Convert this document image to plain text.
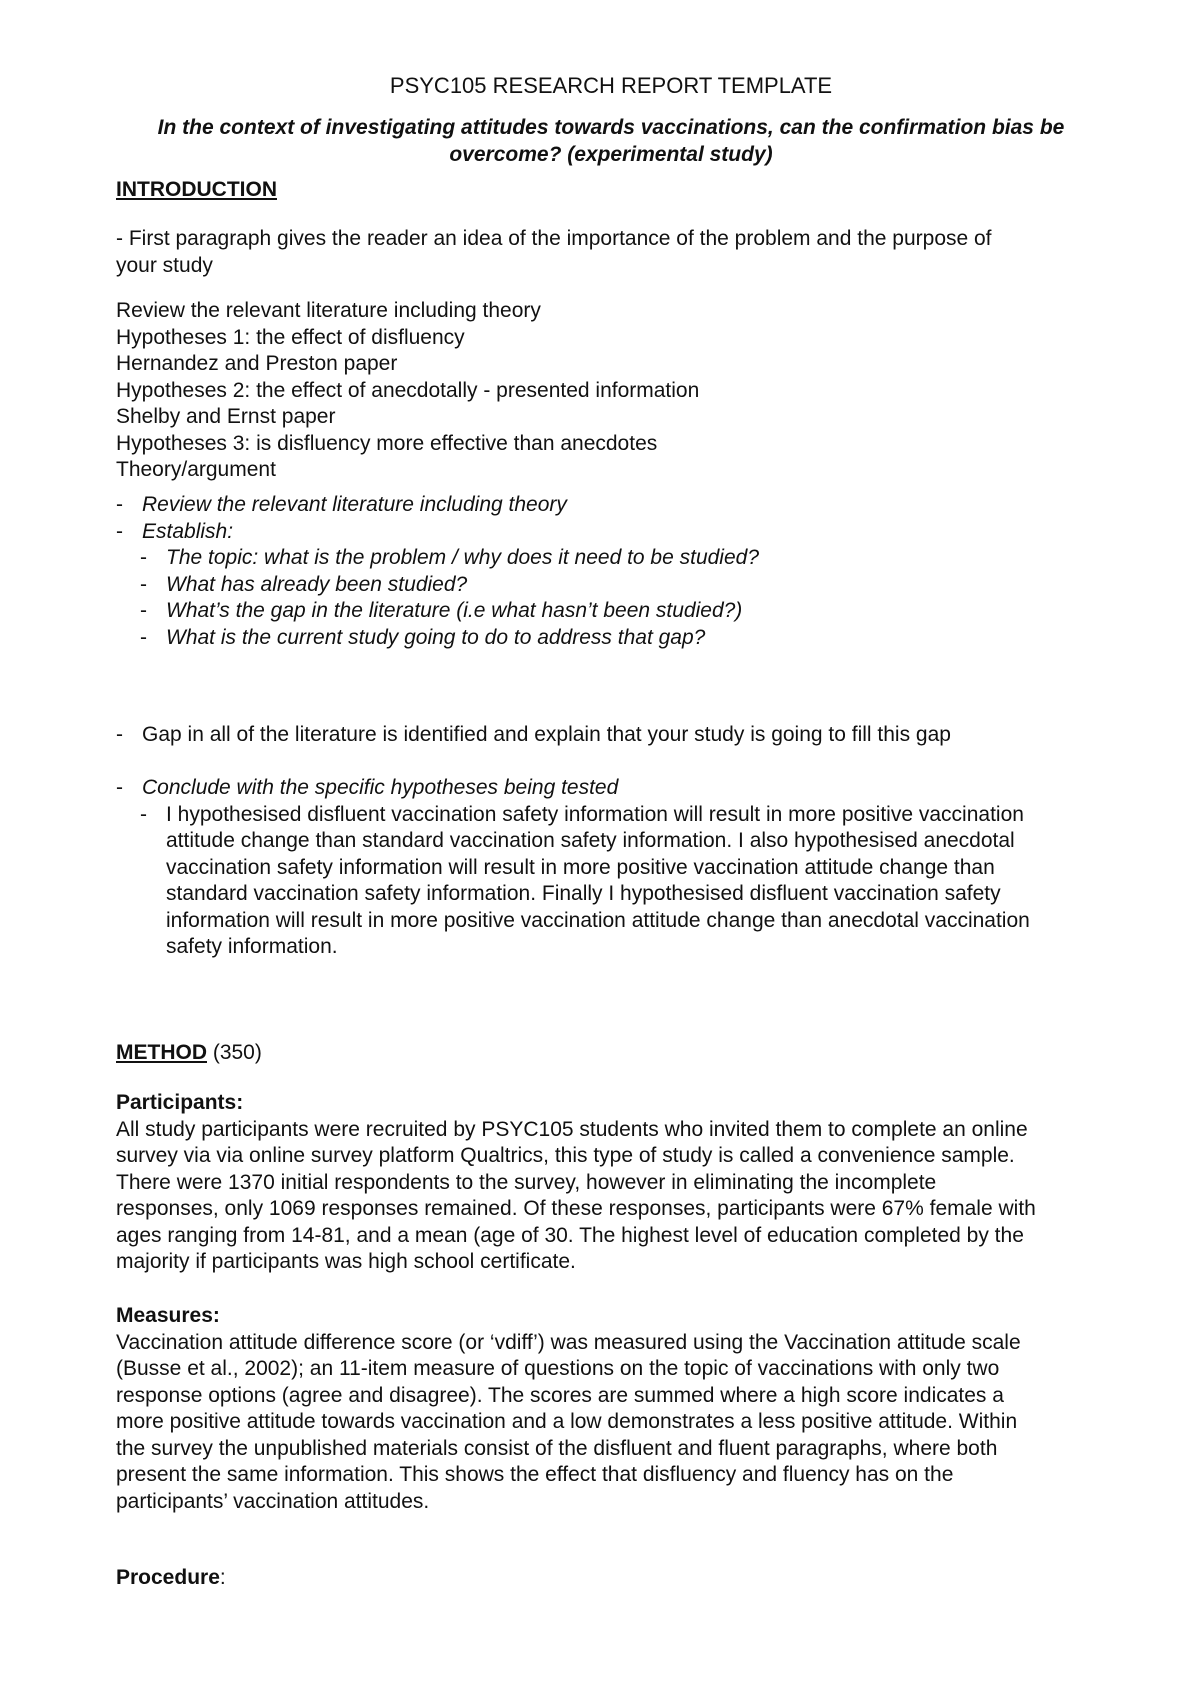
PSYC105 RESEARCH REPORT TEMPLATE
In the context of investigating attitudes towards vaccinations, can the confirmation bias be
overcome? (experimental study)
INTRODUCTION
- First paragraph gives the reader an idea of the importance of the problem and the purpose of
your study
Review the relevant literature including theory
Hypotheses 1: the effect of disfluency
Hernandez and Preston paper
Hypotheses 2: the effect of anecdotally - presented information
Shelby and Ernst paper
Hypotheses 3: is disfluency more effective than anecdotes
Theory/argument
- Review the relevant literature including theory
- Establish:
- The topic: what is the problem / why does it need to be studied?
- What has already been studied?
- What’s the gap in the literature (i.e what hasn’t been studied?)
- What is the current study going to do to address that gap?
- Gap in all of the literature is identified and explain that your study is going to fill this gap
- Conclude with the specific hypotheses being tested
- I hypothesised disfluent vaccination safety information will result in more positive vaccination
attitude change than standard vaccination safety information. I also hypothesised anecdotal
vaccination safety information will result in more positive vaccination attitude change than
standard vaccination safety information. Finally I hypothesised disfluent vaccination safety
information will result in more positive vaccination attitude change than anecdotal vaccination
safety information.
METHOD (350)
Participants:
All study participants were recruited by PSYC105 students who invited them to complete an online
survey via via online survey platform Qualtrics, this type of study is called a convenience sample.
There were 1370 initial respondents to the survey, however in eliminating the incomplete
responses, only 1069 responses remained. Of these responses, participants were 67% female with
ages ranging from 14-81, and a mean (age of 30. The highest level of education completed by the
majority if participants was high school certificate.
Measures:
Vaccination attitude difference score (or ‘vdiff’) was measured using the Vaccination attitude scale
(Busse et al., 2002); an 11-item measure of questions on the topic of vaccinations with only two
response options (agree and disagree). The scores are summed where a high score indicates a
more positive attitude towards vaccination and a low demonstrates a less positive attitude. Within
the survey the unpublished materials consist of the disfluent and fluent paragraphs, where both
present the same information. This shows the effect that disfluency and fluency has on the
participants’ vaccination attitudes.
Procedure:
